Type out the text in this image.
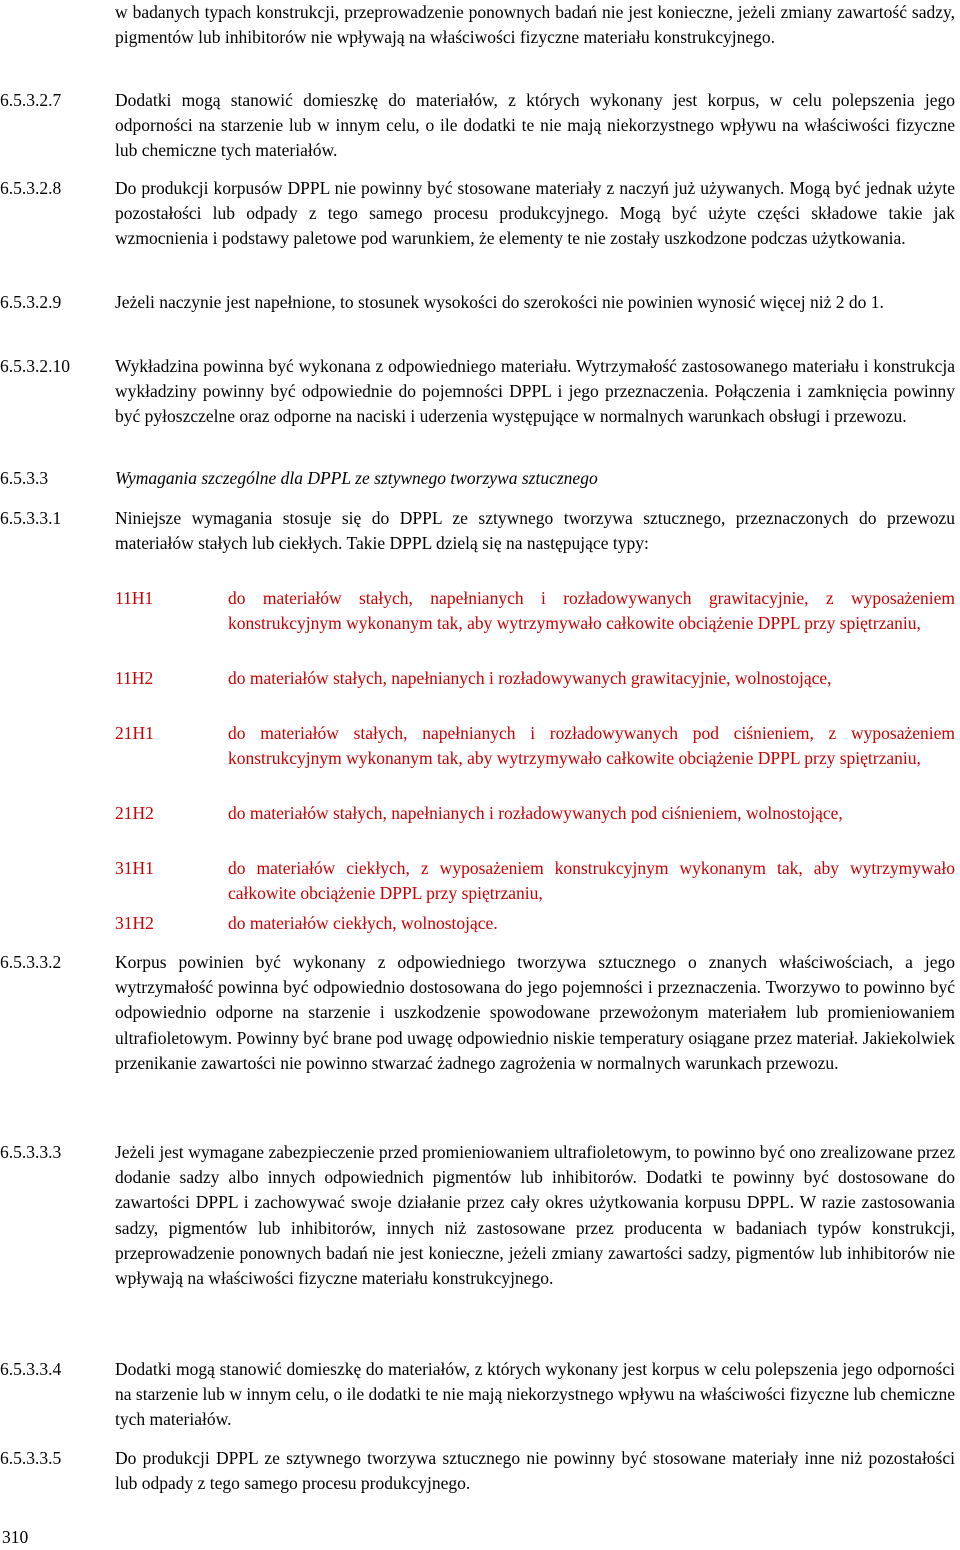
w badanych typach konstrukcji, przeprowadzenie ponownych badań nie jest konieczne, jeżeli zmiany zawartość sadzy, pigmentów lub inhibitorów nie wpływają na właściwości fizyczne materiału konstrukcyjnego.
6.5.3.2.7	Dodatki mogą stanowić domieszkę do materiałów, z których wykonany jest korpus, w celu polepszenia jego odporności na starzenie lub w innym celu, o ile dodatki te nie mają niekorzystnego wpływu na właściwości fizyczne lub chemiczne tych materiałów.
6.5.3.2.8	Do produkcji korpusów DPPL nie powinny być stosowane materiały z naczyń już używanych. Mogą być jednak użyte pozostałości lub odpady z tego samego procesu produkcyjnego. Mogą być użyte części składowe takie jak wzmocnienia i podstawy paletowe pod warunkiem, że elementy te nie zostały uszkodzone podczas użytkowania.
6.5.3.2.9	Jeżeli naczynie jest napełnione, to stosunek wysokości do szerokości nie powinien wynosić więcej niż 2 do 1.
6.5.3.2.10	Wykładzina powinna być wykonana z odpowiedniego materiału. Wytrzymałość zastosowanego materiału i konstrukcja wykładziny powinny być odpowiednie do pojemności DPPL i jego przeznaczenia. Połączenia i zamknięcia powinny być pyłoszczelne oraz odporne na naciski i uderzenia występujące w normalnych warunkach obsługi i przewozu.
6.5.3.3	Wymagania szczególne dla DPPL ze sztywnego tworzywa sztucznego
6.5.3.3.1	Niniejsze wymagania stosuje się do DPPL ze sztywnego tworzywa sztucznego, przeznaczonych do przewozu materiałów stałych lub ciekłych. Takie DPPL dzielą się na następujące typy:
11H1	do materiałów stałych, napełnianych i rozładowywanych grawitacyjnie, z wyposażeniem konstrukcyjnym wykonanym tak, aby wytrzymywało całkowite obciążenie DPPL przy spiętrzaniu,
11H2	do materiałów stałych, napełnianych i rozładowywanych grawitacyjnie, wolnostojące,
21H1	do materiałów stałych, napełnianych i rozładowywanych pod ciśnieniem, z wyposażeniem konstrukcyjnym wykonanym tak, aby wytrzymywało całkowite obciążenie DPPL przy spiętrzaniu,
21H2	do materiałów stałych, napełnianych i rozładowywanych pod ciśnieniem, wolnostojące,
31H1	do materiałów ciekłych, z wyposażeniem konstrukcyjnym wykonanym tak, aby wytrzymywało całkowite obciążenie DPPL przy spiętrzaniu,
31H2	do materiałów ciekłych, wolnostojące.
6.5.3.3.2	Korpus powinien być wykonany z odpowiedniego tworzywa sztucznego o znanych właściwościach, a jego wytrzymałość powinna być odpowiednio dostosowana do jego pojemności i przeznaczenia. Tworzywo to powinno być odpowiednio odporne na starzenie i uszkodzenie spowodowane przewożonym materiałem lub promieniowaniem ultrafioletowym. Powinny być brane pod uwagę odpowiednio niskie temperatury osiągane przez materiał. Jakiekolwiek przenikanie zawartości nie powinno stwarzać żadnego zagrożenia w normalnych warunkach przewozu.
6.5.3.3.3	Jeżeli jest wymagane zabezpieczenie przed promieniowaniem ultrafioletowym, to powinno być ono zrealizowane przez dodanie sadzy albo innych odpowiednich pigmentów lub inhibitorów. Dodatki te powinny być dostosowane do zawartości DPPL i zachowywać swoje działanie przez cały okres użytkowania korpusu DPPL. W razie zastosowania sadzy, pigmentów lub inhibitorów, innych niż zastosowane przez producenta w badaniach typów konstrukcji, przeprowadzenie ponownych badań nie jest konieczne, jeżeli zmiany zawartości sadzy, pigmentów lub inhibitorów nie wpływają na właściwości fizyczne materiału konstrukcyjnego.
6.5.3.3.4	Dodatki mogą stanowić domieszkę do materiałów, z których wykonany jest korpus w celu polepszenia jego odporności na starzenie lub w innym celu, o ile dodatki te nie mają niekorzystnego wpływu na właściwości fizyczne lub chemiczne tych materiałów.
6.5.3.3.5	Do produkcji DPPL ze sztywnego tworzywa sztucznego nie powinny być stosowane materiały inne niż pozostałości lub odpady z tego samego procesu produkcyjnego.
310
